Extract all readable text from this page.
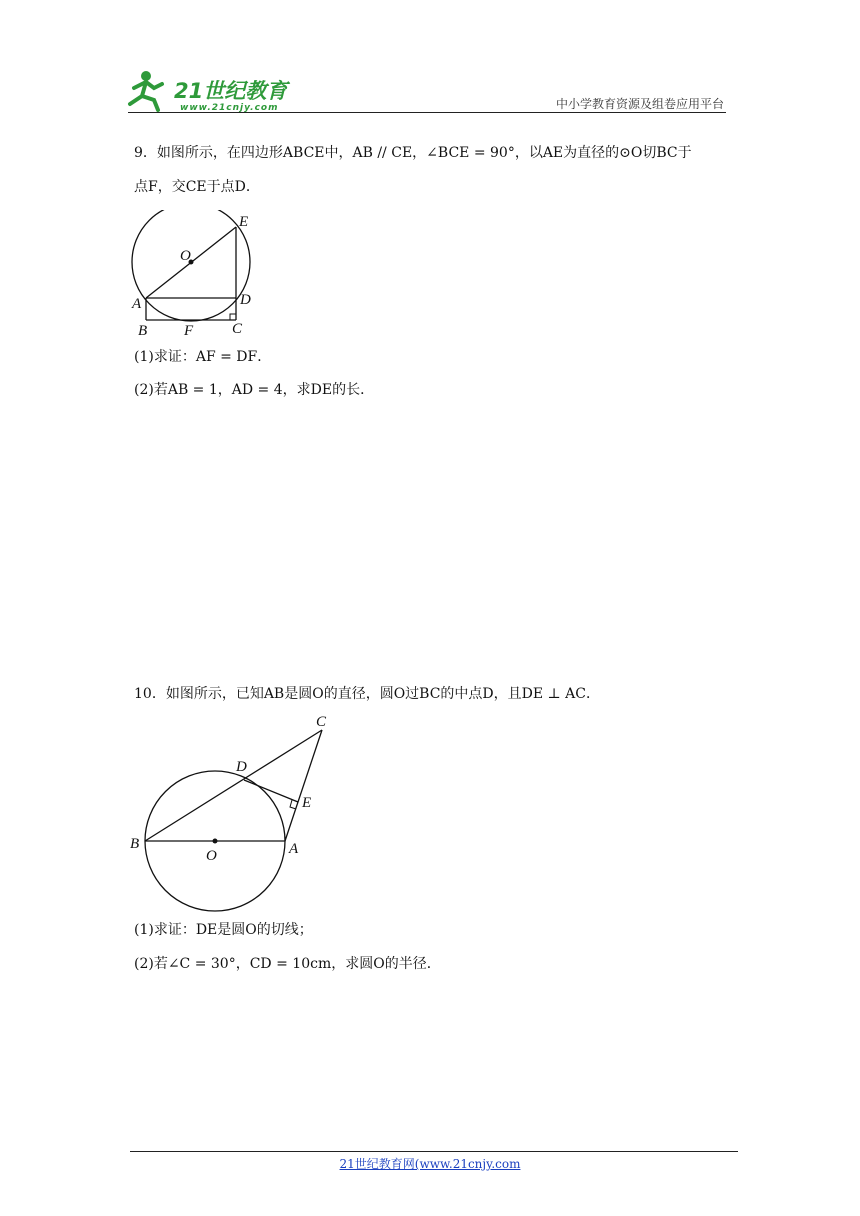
21世纪教育
www.21cnjy.com	中小学教育资源及组卷应用平台
9．如图所示，在四边形ABCE中，AB // CE，∠BCE = 90°，以AE为直径的⊙O切BC于
点F，交CE于点D．
E
O
A	D
B F	C
(1)求证：AF = DF．
(2)若AB = 1，AD = 4，求DE的长．
10．如图所示，已知AB是圆O的直径，圆O过BC的中点D，且DE ⊥ AC．
C
D
E
B
O	A
(1)求证：DE是圆O的切线；
(2)若∠C = 30°，CD = 10cm，求圆O的半径．
21世纪教育网(www.21cnjy.com
